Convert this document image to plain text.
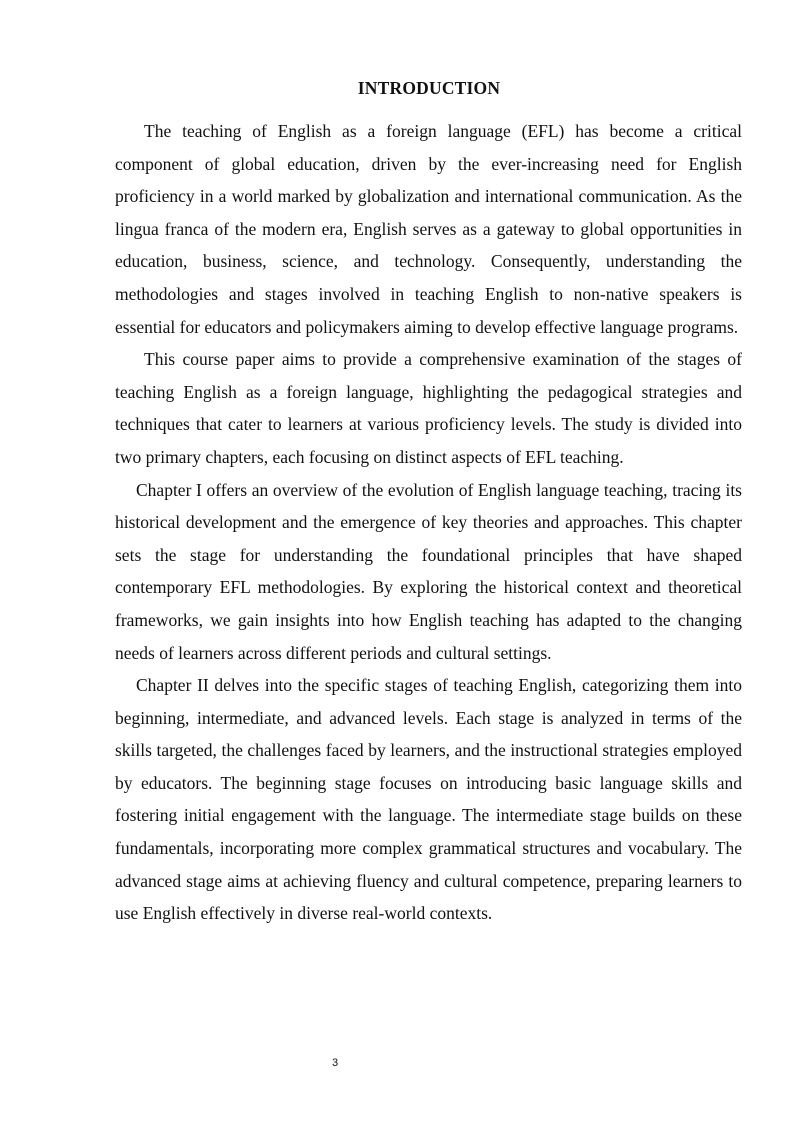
INTRODUCTION

The teaching of English as a foreign language (EFL) has become a critical component of global education, driven by the ever-increasing need for English proficiency in a world marked by globalization and international communication. As the lingua franca of the modern era, English serves as a gateway to global opportunities in education, business, science, and technology. Consequently, understanding the methodologies and stages involved in teaching English to non-native speakers is essential for educators and policymakers aiming to develop effective language programs.

This course paper aims to provide a comprehensive examination of the stages of teaching English as a foreign language, highlighting the pedagogical strategies and techniques that cater to learners at various proficiency levels. The study is divided into two primary chapters, each focusing on distinct aspects of EFL teaching.

Chapter I offers an overview of the evolution of English language teaching, tracing its historical development and the emergence of key theories and approaches. This chapter sets the stage for understanding the foundational principles that have shaped contemporary EFL methodologies. By exploring the historical context and theoretical frameworks, we gain insights into how English teaching has adapted to the changing needs of learners across different periods and cultural settings.

Chapter II delves into the specific stages of teaching English, categorizing them into beginning, intermediate, and advanced levels. Each stage is analyzed in terms of the skills targeted, the challenges faced by learners, and the instructional strategies employed by educators. The beginning stage focuses on introducing basic language skills and fostering initial engagement with the language. The intermediate stage builds on these fundamentals, incorporating more complex grammatical structures and vocabulary. The advanced stage aims at achieving fluency and cultural competence, preparing learners to use English effectively in diverse real-world contexts.

3
